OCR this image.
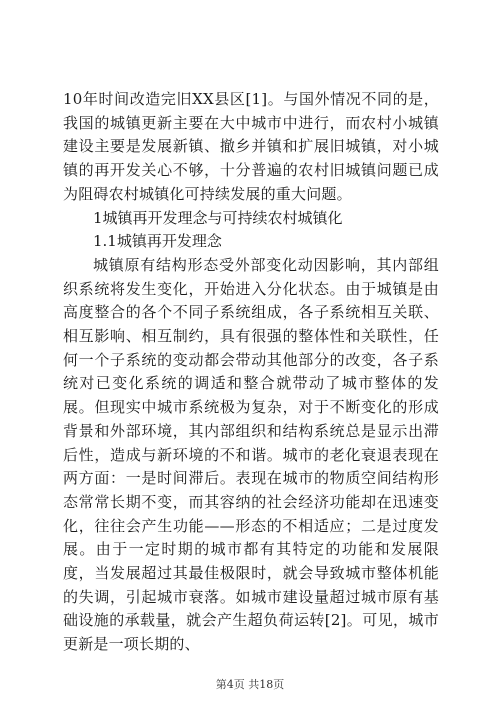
10年时间改造完旧XX县区[1]。与国外情况不同的是，我国的城镇更新主要在大中城市中进行，而农村小城镇建设主要是发展新镇、撤乡并镇和扩展旧城镇，对小城镇的再开发关心不够，十分普遍的农村旧城镇问题已成为阻碍农村城镇化可持续发展的重大问题。

1城镇再开发理念与可持续农村城镇化

1.1城镇再开发理念

城镇原有结构形态受外部变化动因影响，其内部组织系统将发生变化，开始进入分化状态。由于城镇是由高度整合的各个不同子系统组成，各子系统相互关联、相互影响、相互制约，具有很强的整体性和关联性，任何一个子系统的变动都会带动其他部分的改变，各子系统对已变化系统的调适和整合就带动了城市整体的发展。但现实中城市系统极为复杂，对于不断变化的形成背景和外部环境，其内部组织和结构系统总是显示出滞后性，造成与新环境的不和谐。城市的老化衰退表现在两方面：一是时间滞后。表现在城市的物质空间结构形态常常长期不变，而其容纳的社会经济功能却在迅速变化，往往会产生功能——形态的不相适应；二是过度发展。由于一定时期的城市都有其特定的功能和发展限度，当发展超过其最佳极限时，就会导致城市整体机能的失调，引起城市衰落。如城市建设量超过城市原有基础设施的承载量，就会产生超负荷运转[2]。可见，城市更新是一项长期的、

第4页 共18页
